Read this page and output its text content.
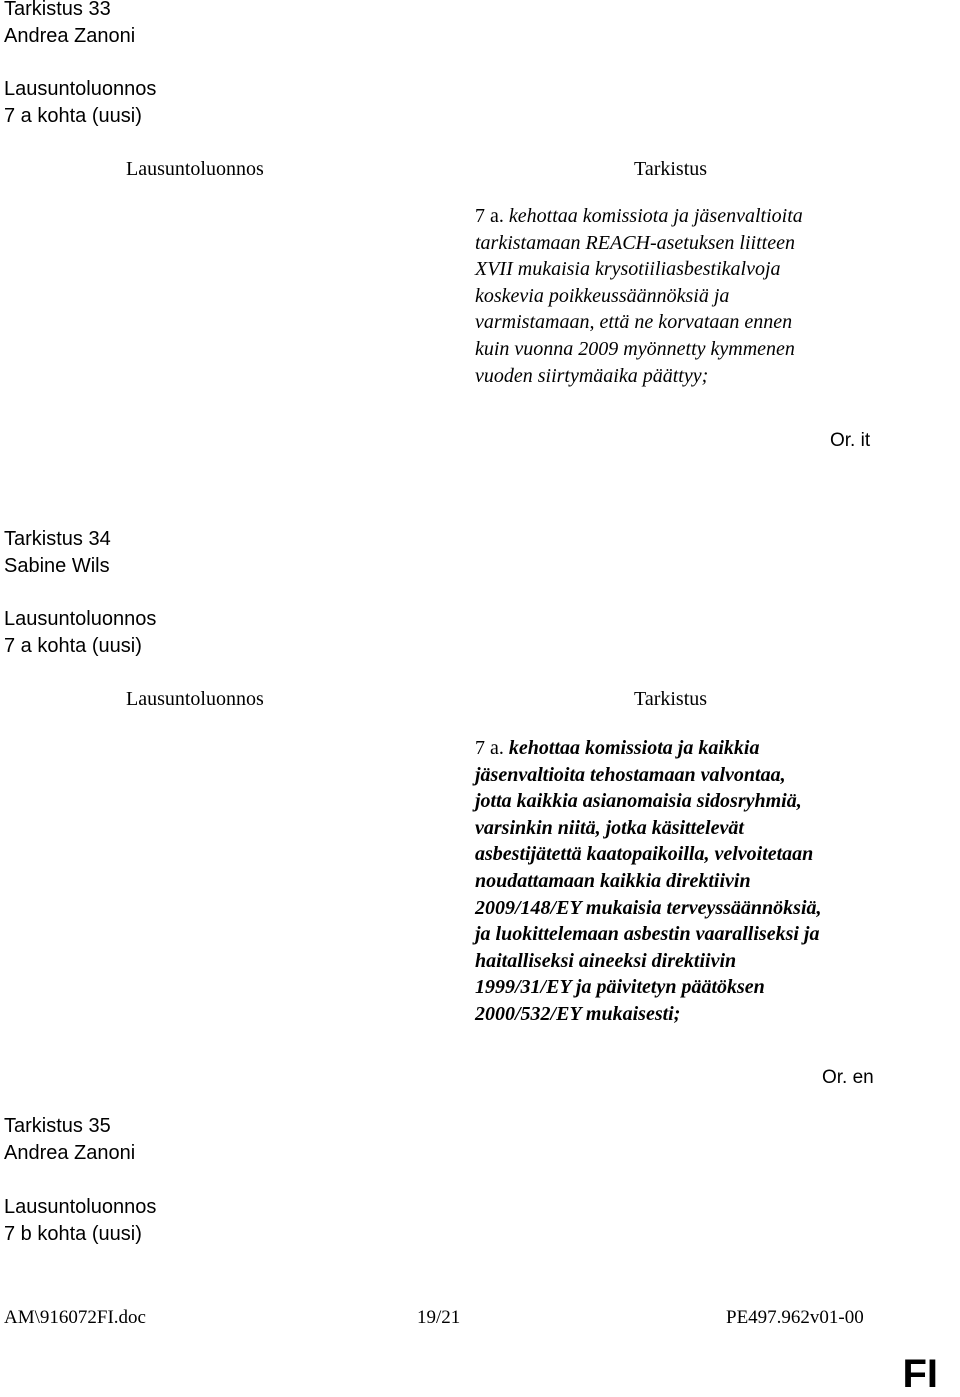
Tarkistus 33
Andrea Zanoni
Lausuntoluonnos
7 a kohta (uusi)
Lausuntoluonnos	Tarkistus
7 a. kehottaa komissiota ja jäsenvaltioita
tarkistamaan REACH-asetuksen liitteen
XVII mukaisia krysotiiliasbestikalvoja
koskevia poikkeussäännöksiä ja
varmistamaan, että ne korvataan ennen
kuin vuonna 2009 myönnetty kymmenen
vuoden siirtymäaika päättyy;
Or. it
Tarkistus 34
Sabine Wils
Lausuntoluonnos
7 a kohta (uusi)
Lausuntoluonnos	Tarkistus
7 a. kehottaa komissiota ja kaikkia
jäsenvaltioita tehostamaan valvontaa,
jotta kaikkia asianomaisia sidosryhmiä,
varsinkin niitä, jotka käsittelevät
asbestijätettä kaatopaikoilla, velvoitetaan
noudattamaan kaikkia direktiivin
2009/148/EY mukaisia terveyssäännöksiä,
ja luokittelemaan asbestin vaaralliseksi ja
haitalliseksi aineeksi direktiivin
1999/31/EY ja päivitetyn päätöksen
2000/532/EY mukaisesti;
Or. en
Tarkistus 35
Andrea Zanoni
Lausuntoluonnos
7 b kohta (uusi)
AM\916072FI.doc	19/21	PE497.962v01-00
FI
